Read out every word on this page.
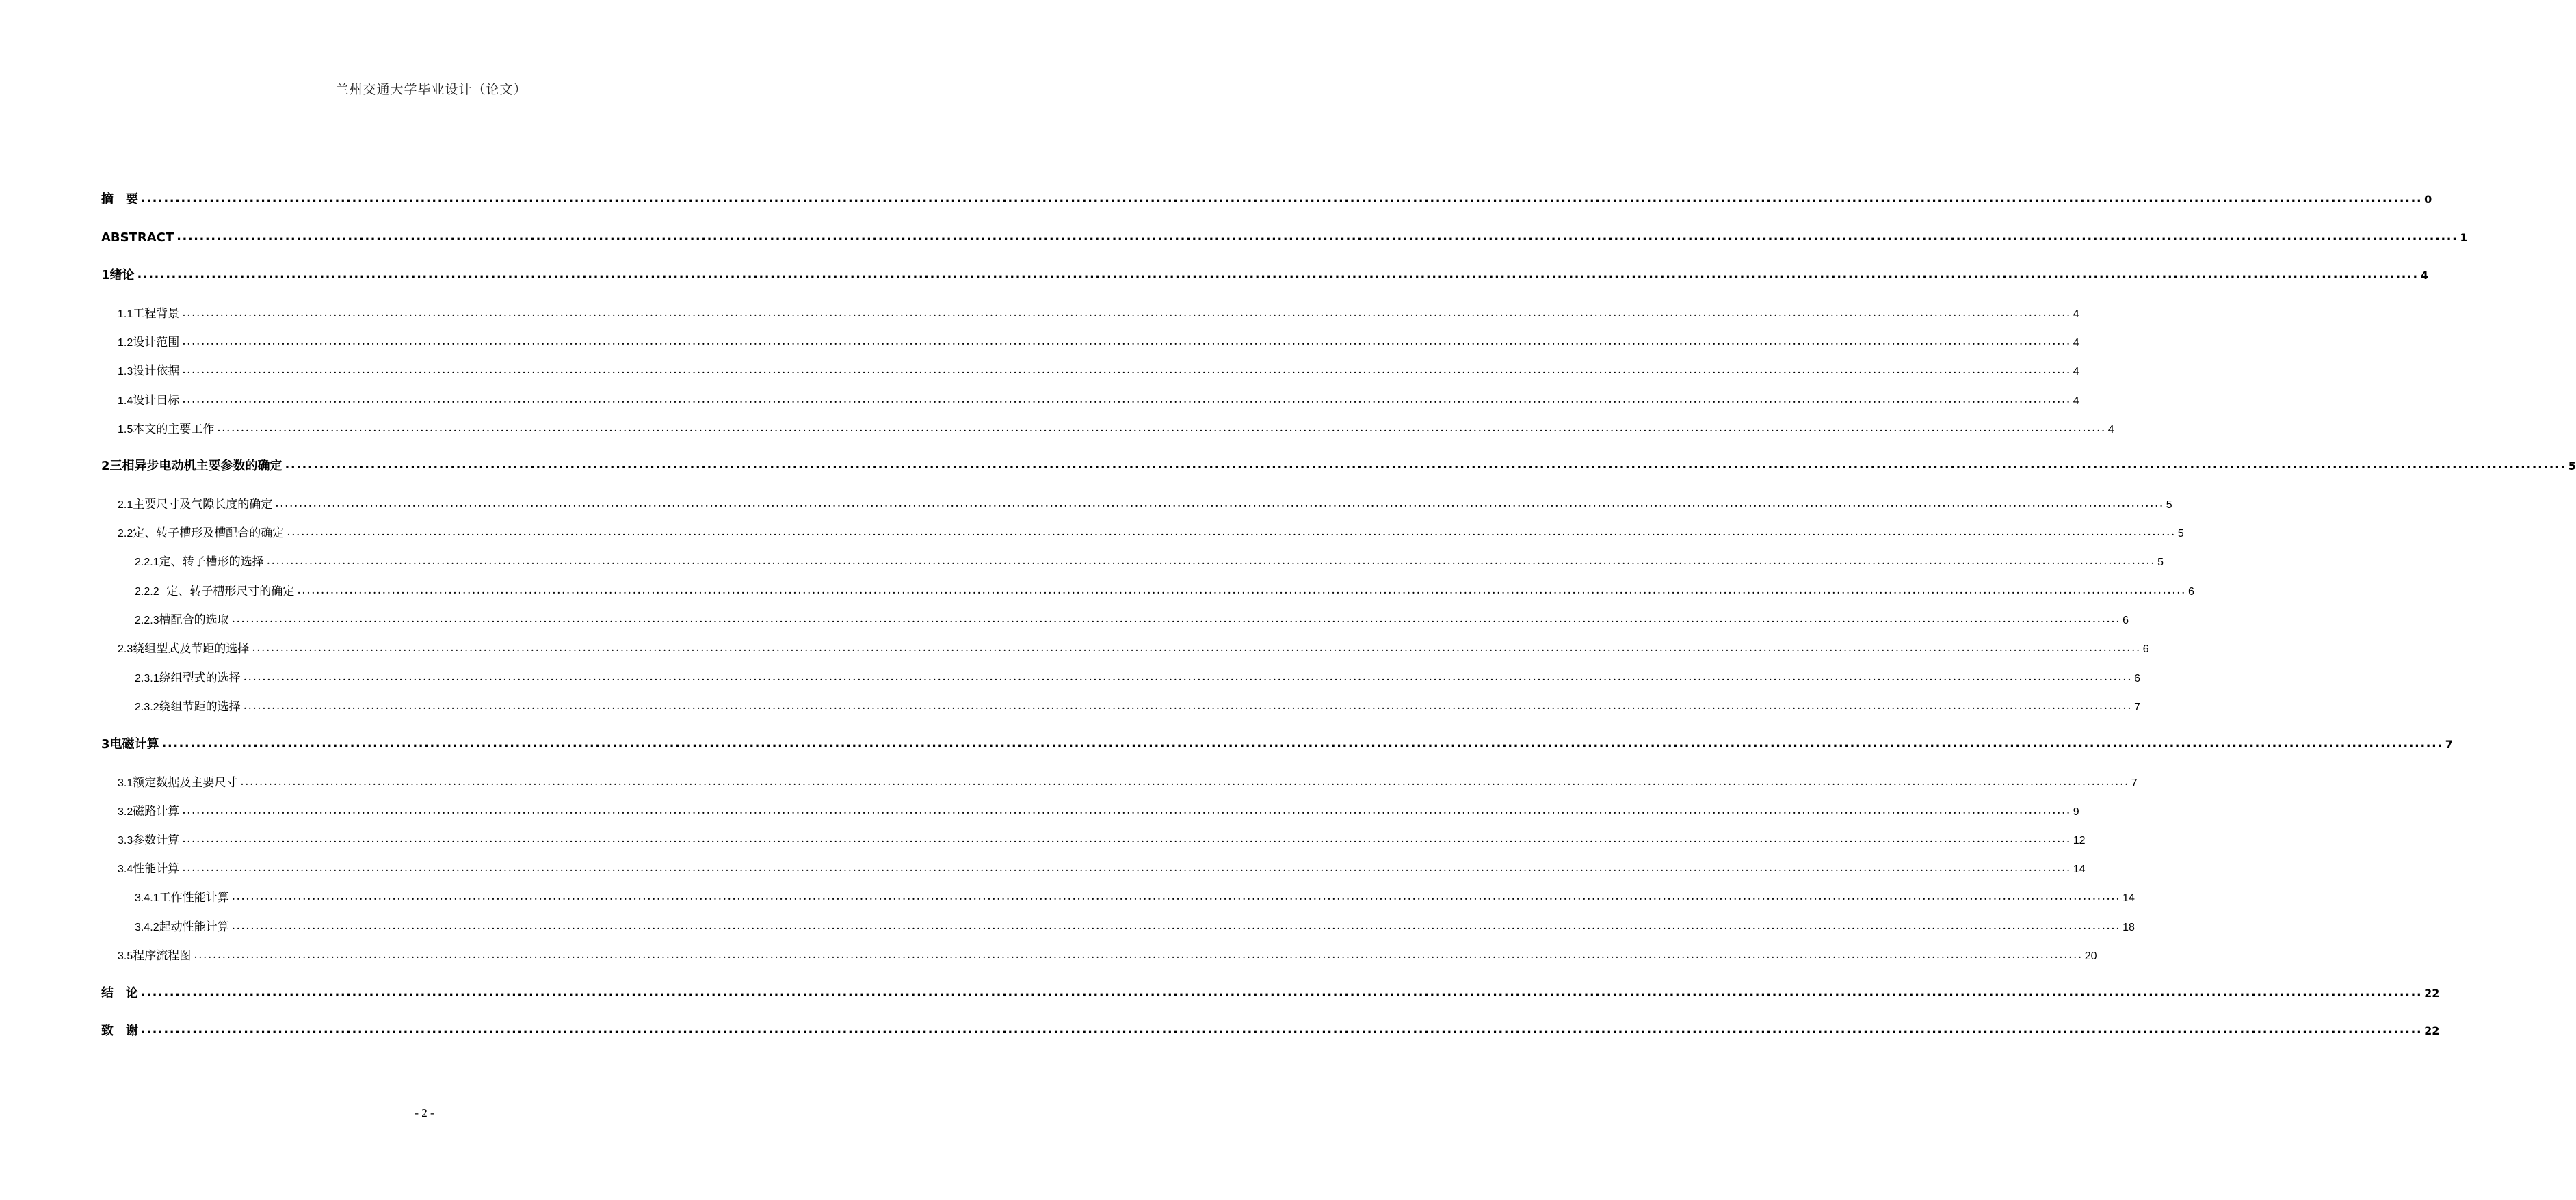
兰州交通大学毕业设计（论文）
摘　要 ................................................................................................................................................................................................................................................................................................................................................................................................................ 0
ABSTRACT ................................................................................................................................................................................................................................................................................................................................................................................................................ 1
1 绪论 ................................................................................................................................................................................................................................................................................................................................................................................................................ 4
1.1 工程背景 ................................................................................................................................................................................................................................................................................................................................................................................................................ 4
1.2 设计范围 ................................................................................................................................................................................................................................................................................................................................................................................................................ 4
1.3 设计依据 ................................................................................................................................................................................................................................................................................................................................................................................................................ 4
1.4 设计目标 ................................................................................................................................................................................................................................................................................................................................................................................................................ 4
1.5 本文的主要工作 ................................................................................................................................................................................................................................................................................................................................................................................................................ 4
2 三相异步电动机主要参数的确定 ................................................................................................................................................................................................................................................................................................................................................................................................................ 5
2.1 主要尺寸及气隙长度的确定 ................................................................................................................................................................................................................................................................................................................................................................................................................ 5
2.2 定、转子槽形及槽配合的确定 ................................................................................................................................................................................................................................................................................................................................................................................................................ 5
2.2.1 定、转子槽形的选择 ................................................................................................................................................................................................................................................................................................................................................................................................................ 5
2.2.2 定、转子槽形尺寸的确定 ................................................................................................................................................................................................................................................................................................................................................................................................................ 6
2.2.3 槽配合的选取 ................................................................................................................................................................................................................................................................................................................................................................................................................ 6
2.3 绕组型式及节距的选择 ................................................................................................................................................................................................................................................................................................................................................................................................................ 6
2.3.1 绕组型式的选择 ................................................................................................................................................................................................................................................................................................................................................................................................................ 6
2.3.2 绕组节距的选择 ................................................................................................................................................................................................................................................................................................................................................................................................................ 7
3 电磁计算 ................................................................................................................................................................................................................................................................................................................................................................................................................ 7
3.1 额定数据及主要尺寸 ................................................................................................................................................................................................................................................................................................................................................................................................................ 7
3.2 磁路计算 ................................................................................................................................................................................................................................................................................................................................................................................................................ 9
3.3 参数计算 ................................................................................................................................................................................................................................................................................................................................................................................................................ 12
3.4 性能计算 ................................................................................................................................................................................................................................................................................................................................................................................................................ 14
3.4.1 工作性能计算 ................................................................................................................................................................................................................................................................................................................................................................................................................ 14
3.4.2 起动性能计算 ................................................................................................................................................................................................................................................................................................................................................................................................................ 18
3.5 程序流程图 ................................................................................................................................................................................................................................................................................................................................................................................................................ 20
结　论 ................................................................................................................................................................................................................................................................................................................................................................................................................ 22
致　谢 ................................................................................................................................................................................................................................................................................................................................................................................................................ 22
- 2 -
